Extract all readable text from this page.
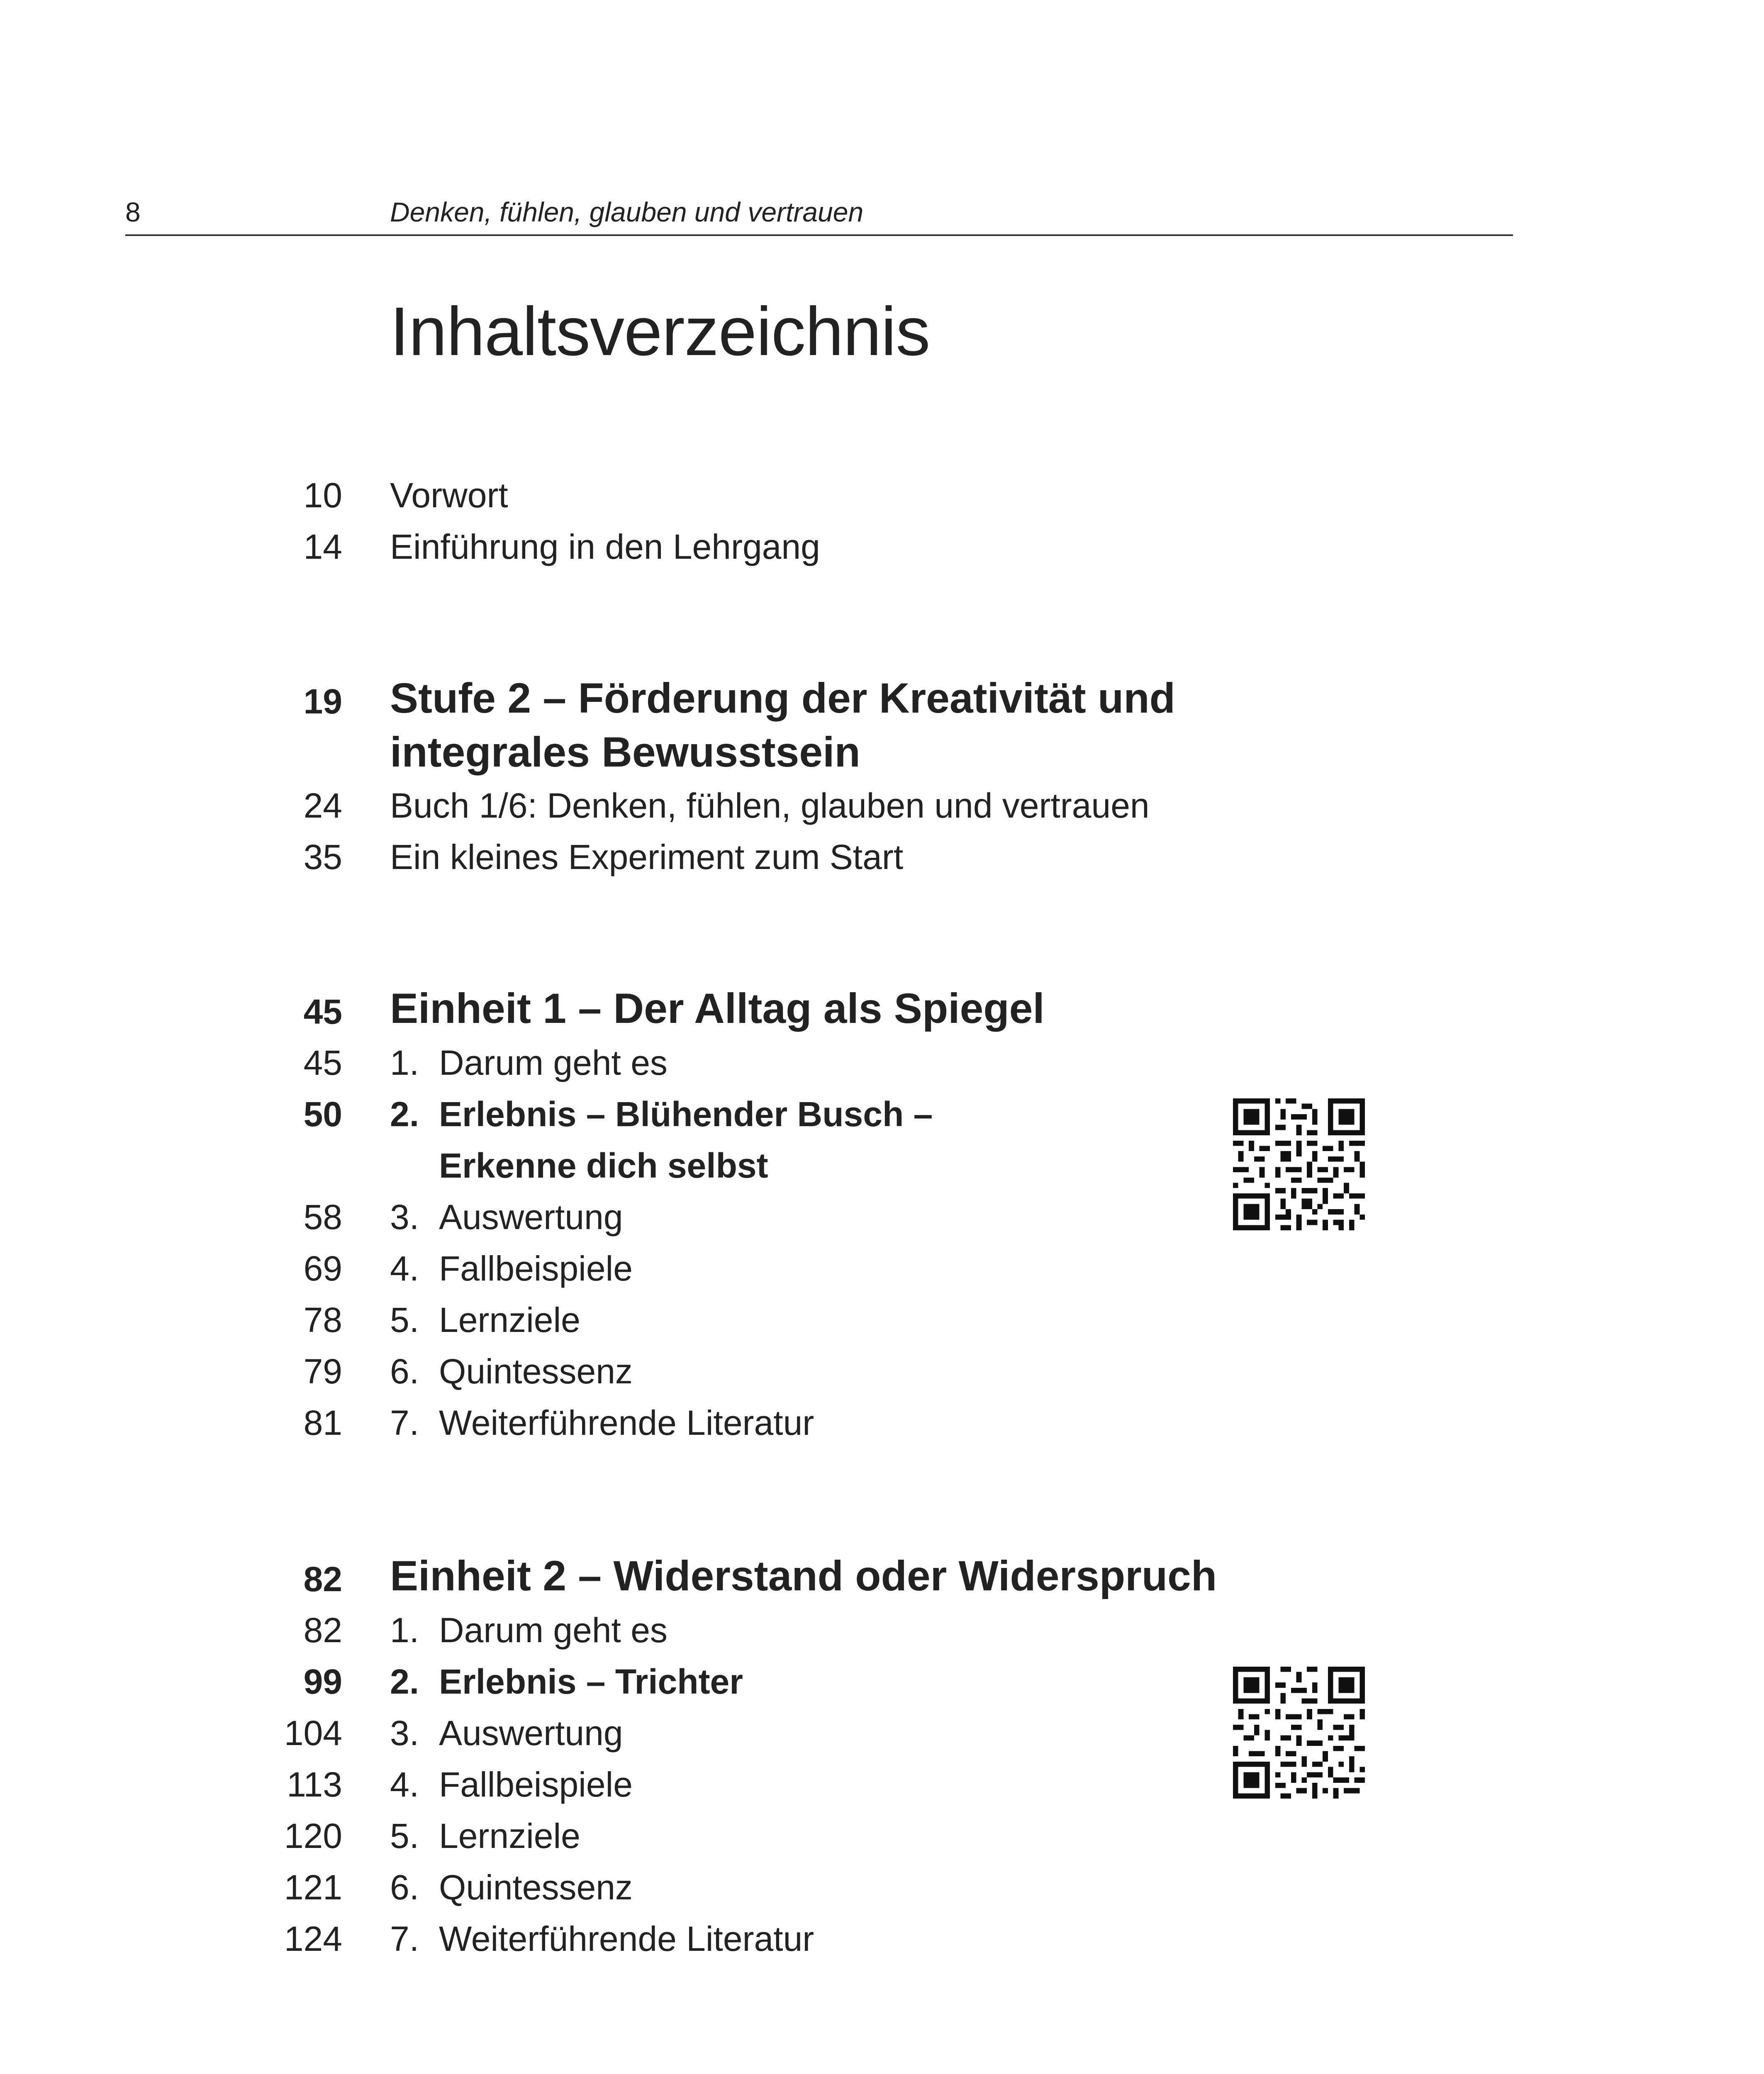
8	Denken, fühlen, glauben und vertrauen
Inhaltsverzeichnis
10 Vorwort
14 Einführung in den Lehrgang
19 Stufe 2 – Förderung der Kreativität und
integrales Bewusstsein
24 Buch 1/6: Denken, fühlen, glauben und vertrauen
35 Ein kleines Experiment zum Start
45 Einheit 1 – Der Alltag als Spiegel
45 1. Darum geht es
50 2. Erlebnis – Blühender Busch –
Erkenne dich selbst
58 3. Auswertung
69 4. Fallbeispiele
78 5. Lernziele
79 6. Quintessenz
81 7. Weiterführende Literatur
82 Einheit 2 – Widerstand oder Widerspruch
82 1. Darum geht es
99 2. Erlebnis – Trichter
104 3. Auswertung
113 4. Fallbeispiele
120 5. Lernziele
121 6. Quintessenz
124 7. Weiterführende Literatur
